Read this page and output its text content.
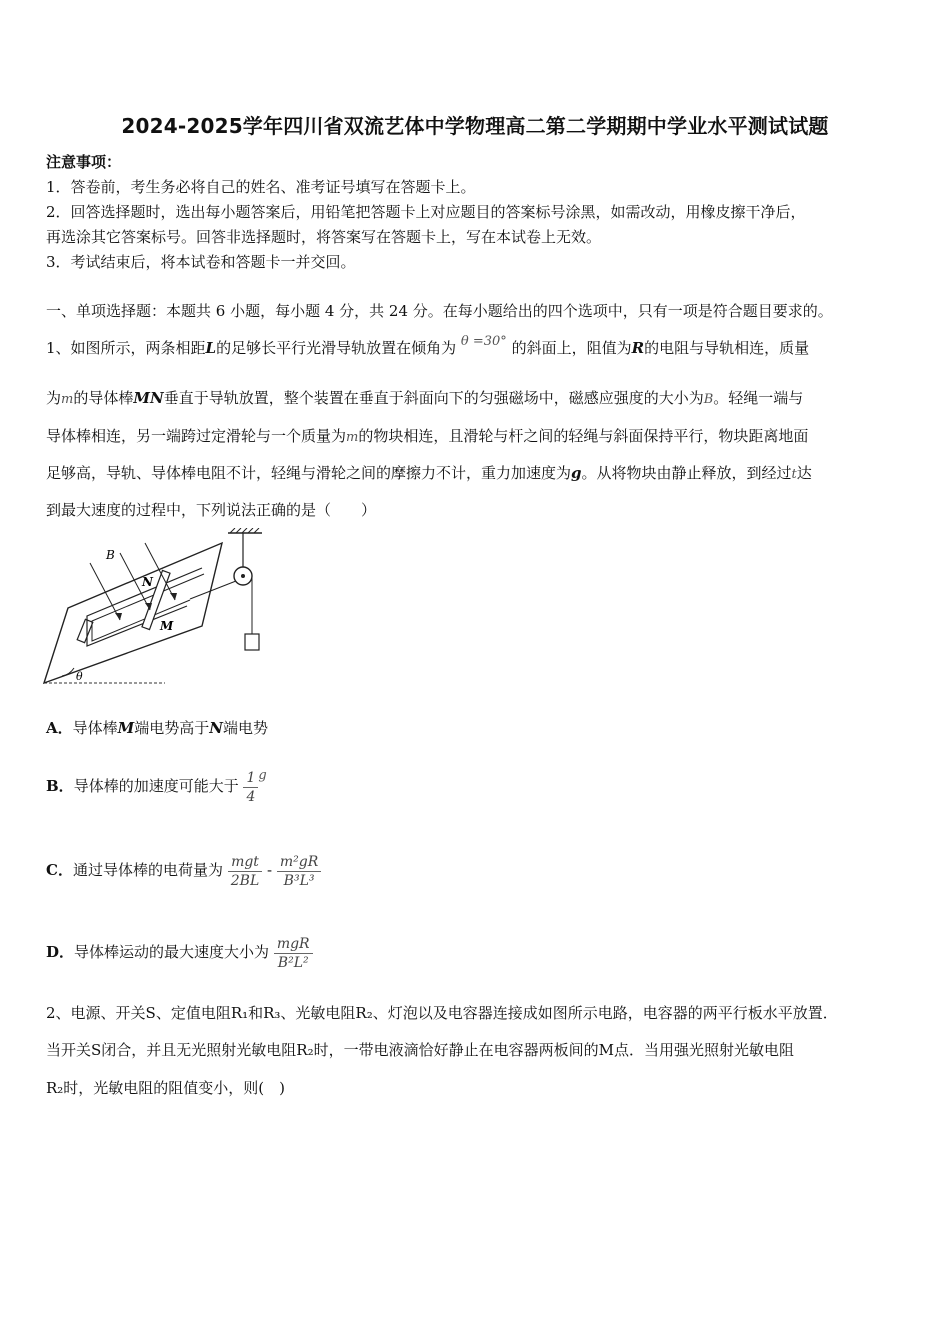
2024-2025学年四川省双流艺体中学物理高二第二学期期中学业水平测试试题
注意事项：
1．答卷前，考生务必将自己的姓名、准考证号填写在答题卡上。
2．回答选择题时，选出每小题答案后，用铅笔把答题卡上对应题目的答案标号涂黑，如需改动，用橡皮擦干净后，
再选涂其它答案标号。回答非选择题时，将答案写在答题卡上，写在本试卷上无效。
3．考试结束后，将本试卷和答题卡一并交回。
一、单项选择题：本题共 6 小题，每小题 4 分，共 24 分。在每小题给出的四个选项中，只有一项是符合题目要求的。
1、如图所示，两条相距L的足够长平行光滑导轨放置在倾角为 θ =30° 的斜面上，阻值为R的电阻与导轨相连，质量
为m的导体棒MN垂直于导轨放置，整个装置在垂直于斜面向下的匀强磁场中，磁感应强度的大小为B。轻绳一端与
导体棒相连，另一端跨过定滑轮与一个质量为m的物块相连，且滑轮与杆之间的轻绳与斜面保持平行，物块距离地面
足够高，导轨、导体棒电阻不计，轻绳与滑轮之间的摩擦力不计，重力加速度为g。从将物块由静止释放，到经过t达
到最大速度的过程中，下列说法正确的是（　　）
θ
B
N
M
A．导体棒M端电势高于N端电势
B．导体棒的加速度可能大于 $\frac{1}{4}$ g
C．通过导体棒的电荷量为 $\frac{\text{mgt}}{2BL} - \frac{\text{m²gR}}{\text{B³L³}}$
D．导体棒运动的最大速度大小为 $\frac{\text{mgR}}{\text{B²L²}}$
2、电源、开关S、定值电阻R₁和R₃、光敏电阻R₂、灯泡以及电容器连接成如图所示电路，电容器的两平行板水平放置．
当开关S闭合，并且无光照射光敏电阻R₂时，一带电液滴恰好静止在电容器两板间的M点．当用强光照射光敏电阻
R₂时，光敏电阻的阻值变小，则(　)
